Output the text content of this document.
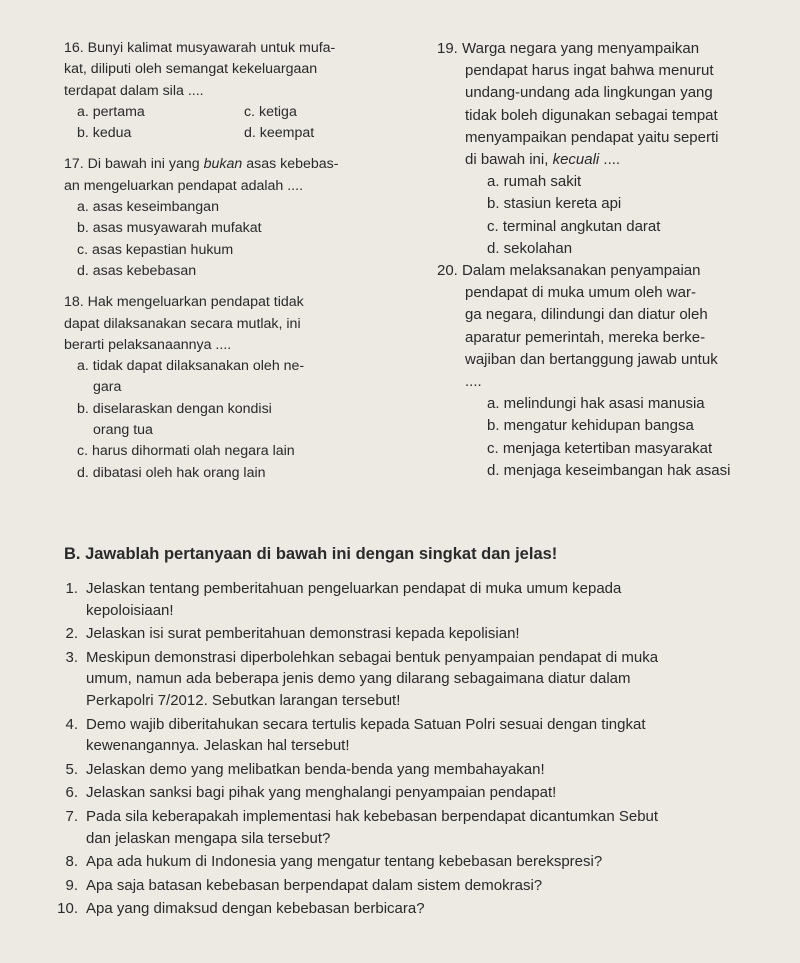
16. Bunyi kalimat musyawarah untuk mufa-
kat, diliputi oleh semangat kekeluargaan
terdapat dalam sila ....
a. pertama	c. ketiga
b. kedua	d. keempat
17. Di bawah ini yang bukan asas kebebas-
an mengeluarkan pendapat adalah ....
a. asas keseimbangan
b. asas musyawarah mufakat
c. asas kepastian hukum
d. asas kebebasan
18. Hak mengeluarkan pendapat tidak
dapat dilaksanakan secara mutlak, ini
berarti pelaksanaannya ....
a. tidak dapat dilaksanakan oleh ne-
gara
b. diselaraskan dengan kondisi
orang tua
c. harus dihormati olah negara lain
d. dibatasi oleh hak orang lain
19. Warga negara yang menyampaikan
pendapat harus ingat bahwa menurut
undang-undang ada lingkungan yang
tidak boleh digunakan sebagai tempat
menyampaikan pendapat yaitu seperti
di bawah ini, kecuali ....
a. rumah sakit
b. stasiun kereta api
c. terminal angkutan darat
d. sekolahan
20. Dalam melaksanakan penyampaian
pendapat di muka umum oleh war-
ga negara, dilindungi dan diatur oleh
aparatur pemerintah, mereka berke-
wajiban dan bertanggung jawab untuk
....
a. melindungi hak asasi manusia
b. mengatur kehidupan bangsa
c. menjaga ketertiban masyarakat
d. menjaga keseimbangan hak asasi
B. Jawablah pertanyaan di bawah ini dengan singkat dan jelas!
1. Jelaskan tentang pemberitahuan pengeluarkan pendapat di muka umum kepada
kepoloisiaan!
2. Jelaskan isi surat pemberitahuan demonstrasi kepada kepolisian!
3. Meskipun demonstrasi diperbolehkan sebagai bentuk penyampaian pendapat di muka
umum, namun ada beberapa jenis demo yang dilarang sebagaimana diatur dalam
Perkapolri 7/2012. Sebutkan larangan tersebut!
4. Demo wajib diberitahukan secara tertulis kepada Satuan Polri sesuai dengan tingkat
kewenangannya. Jelaskan hal tersebut!
5. Jelaskan demo yang melibatkan benda-benda yang membahayakan!
6. Jelaskan sanksi bagi pihak yang menghalangi penyampaian pendapat!
7. Pada sila keberapakah implementasi hak kebebasan berpendapat dicantumkan Sebut
dan jelaskan mengapa sila tersebut?
8. Apa ada hukum di Indonesia yang mengatur tentang kebebasan berekspresi?
9. Apa saja batasan kebebasan berpendapat dalam sistem demokrasi?
10. Apa yang dimaksud dengan kebebasan berbicara?
